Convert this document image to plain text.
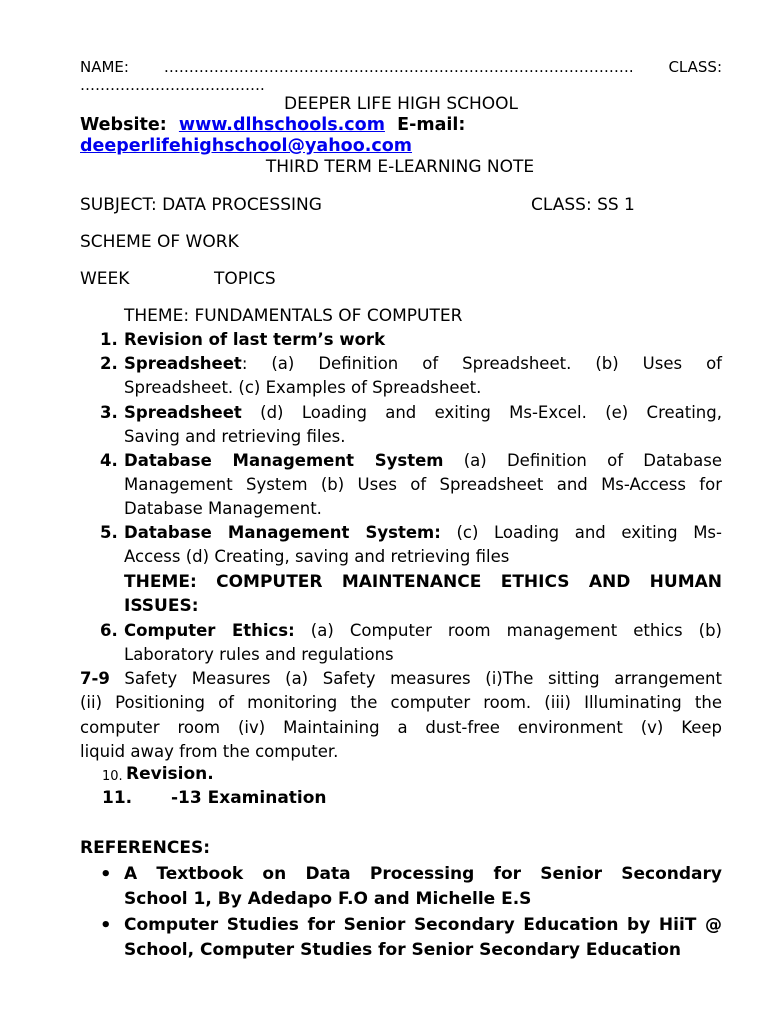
NAME: …………………………………………………………………………………. CLASS:
……………………………….
DEEPER LIFE HIGH SCHOOL
Website: www.dlhschools.com E-mail:
deeperlifehighschool@yahoo.com
THIRD TERM E-LEARNING NOTE
SUBJECT: DATA PROCESSING	CLASS: SS 1
SCHEME OF WORK
WEEK	TOPICS
THEME: FUNDAMENTALS OF COMPUTER
1. Revision of last term’s work
2. Spreadsheet: (a) Definition of Spreadsheet. (b) Uses of
Spreadsheet. (c) Examples of Spreadsheet.
3. Spreadsheet (d) Loading and exiting Ms-Excel. (e) Creating,
Saving and retrieving files.
4. Database Management System (a) Definition of Database
Management System (b) Uses of Spreadsheet and Ms-Access for
Database Management.
5. Database Management System: (c) Loading and exiting Ms-
Access (d) Creating, saving and retrieving files
THEME: COMPUTER MAINTENANCE ETHICS AND HUMAN
ISSUES:
6. Computer Ethics: (a) Computer room management ethics (b)
Laboratory rules and regulations
7-9 Safety Measures (a) Safety measures (i)The sitting arrangement
(ii) Positioning of monitoring the computer room. (iii) Illuminating the
computer room (iv) Maintaining a dust-free environment (v) Keep
liquid away from the computer.
10. Revision.
11. -13 Examination
REFERENCES:
• A Textbook on Data Processing for Senior Secondary
School 1, By Adedapo F.O and Michelle E.S
• Computer Studies for Senior Secondary Education by HiiT @
School, Computer Studies for Senior Secondary Education
